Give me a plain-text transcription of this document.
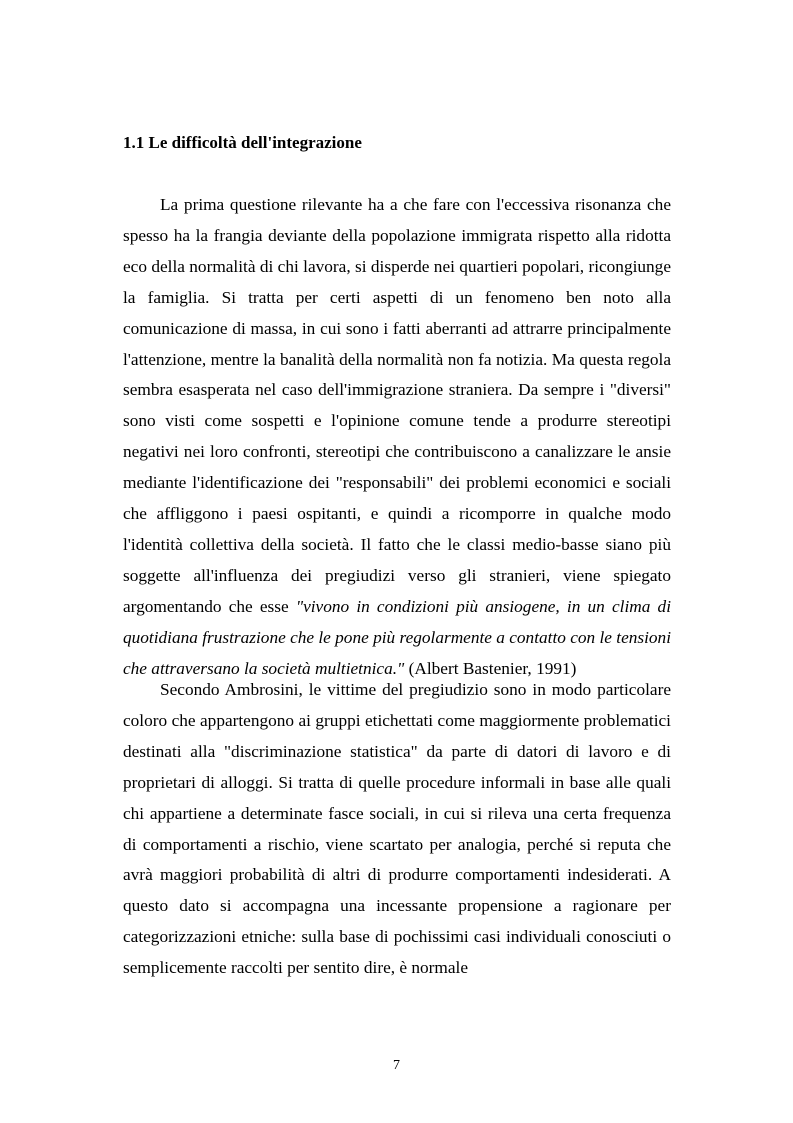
1.1 Le difficoltà dell'integrazione

La prima questione rilevante ha a che fare con l'eccessiva risonanza che spesso ha la frangia deviante della popolazione immigrata rispetto alla ridotta eco della normalità di chi lavora, si disperde nei quartieri popolari, ricongiunge la famiglia. Si tratta per certi aspetti di un fenomeno ben noto alla comunicazione di massa, in cui sono i fatti aberranti ad attrarre principalmente l'attenzione, mentre la banalità della normalità non fa notizia. Ma questa regola sembra esasperata nel caso dell'immigrazione straniera. Da sempre i "diversi" sono visti come sospetti e l'opinione comune tende a produrre stereotipi negativi nei loro confronti, stereotipi che contribuiscono a canalizzare le ansie mediante l'identificazione dei "responsabili" dei problemi economici e sociali che affliggono i paesi ospitanti, e quindi a ricomporre in qualche modo l'identità collettiva della società. Il fatto che le classi medio-basse siano più soggette all'influenza dei pregiudizi verso gli stranieri, viene spiegato argomentando che esse "vivono in condizioni più ansiogene, in un clima di quotidiana frustrazione che le pone più regolarmente a contatto con le tensioni che attraversano la società multietnica." (Albert Bastenier, 1991)

Secondo Ambrosini, le vittime del pregiudizio sono in modo particolare coloro che appartengono ai gruppi etichettati come maggiormente problematici destinati alla "discriminazione statistica" da parte di datori di lavoro e di proprietari di alloggi. Si tratta di quelle procedure informali in base alle quali chi appartiene a determinate fasce sociali, in cui si rileva una certa frequenza di comportamenti a rischio, viene scartato per analogia, perché si reputa che avrà maggiori probabilità di altri di produrre comportamenti indesiderati. A questo dato si accompagna una incessante propensione a ragionare per categorizzazioni etniche: sulla base di pochissimi casi individuali conosciuti o semplicemente raccolti per sentito dire, è normale

7
